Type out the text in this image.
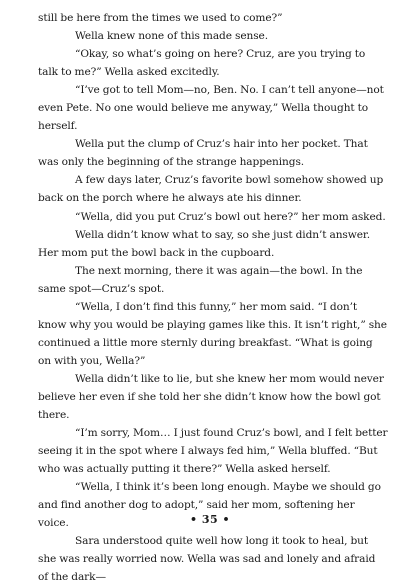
still be here from the times we used to come?”

Wella knew none of this made sense.

“Okay, so what’s going on here? Cruz, are you trying to talk to me?” Wella asked excitedly.

“I’ve got to tell Mom—no, Ben. No. I can’t tell anyone—not even Pete. No one would believe me anyway,” Wella thought to herself.

Wella put the clump of Cruz’s hair into her pocket. That was only the beginning of the strange happenings.

A few days later, Cruz’s favorite bowl somehow showed up back on the porch where he always ate his dinner.

“Wella, did you put Cruz’s bowl out here?” her mom asked.

Wella didn’t know what to say, so she just didn’t answer. Her mom put the bowl back in the cupboard.

The next morning, there it was again—the bowl. In the same spot—Cruz’s spot.

“Wella, I don’t find this funny,” her mom said. “I don’t know why you would be playing games like this. It isn’t right,” she continued a little more sternly during breakfast. “What is going on with you, Wella?”

Wella didn’t like to lie, but she knew her mom would never believe her even if she told her she didn’t know how the bowl got there.

“I’m sorry, Mom… I just found Cruz’s bowl, and I felt better seeing it in the spot where I always fed him,” Wella bluffed. “But who was actually putting it there?” Wella asked herself.

“Wella, I think it’s been long enough. Maybe we should go and find another dog to adopt,” said her mom, softening her voice.

Sara understood quite well how long it took to heal, but she was really worried now. Wella was sad and lonely and afraid of the dark—

• 35 •
